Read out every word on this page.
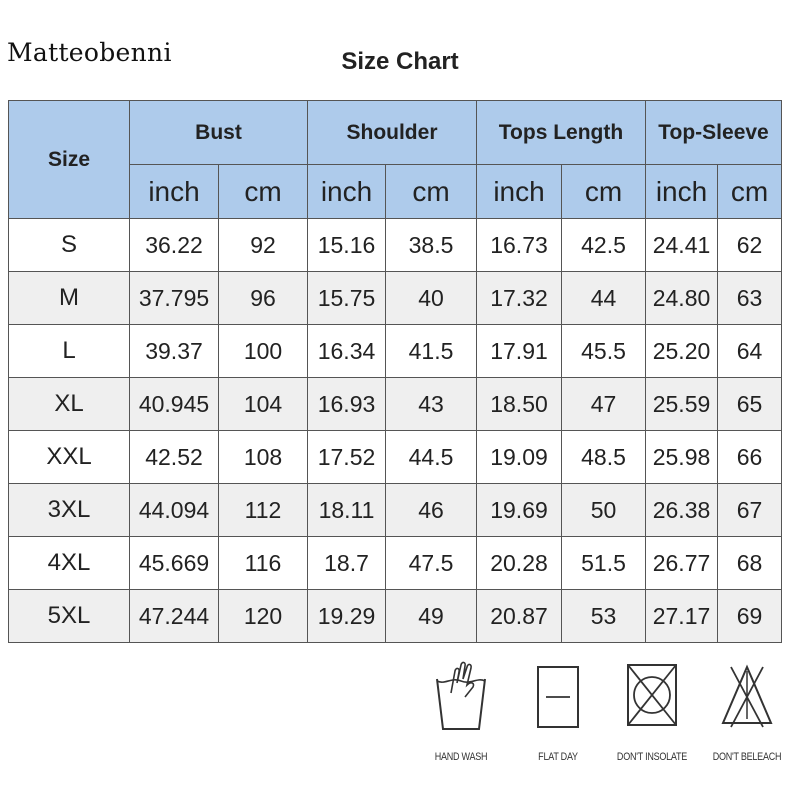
Matteobenni	Size Chart
Size	Bust		Shoulder		Tops Length		Top-Sleeve	
	inch	cm	inch	cm	inch	cm	inch	cm
S	36.22	92	15.16	38.5	16.73	42.5	24.41	62
M	37.795	96	15.75	40	17.32	44	24.80	63
L	39.37	100	16.34	41.5	17.91	45.5	25.20	64
XL	40.945	104	16.93	43	18.50	47	25.59	65
XXL	42.52	108	17.52	44.5	19.09	48.5	25.98	66
3XL	44.094	112	18.11	46	19.69	50	26.38	67
4XL	45.669	116	18.7	47.5	20.28	51.5	26.77	68
5XL	47.244	120	19.29	49	20.87	53	27.17	69
HAND WASH	FLAT DAY	DON'T INSOLATE	DON'T BELEACH
